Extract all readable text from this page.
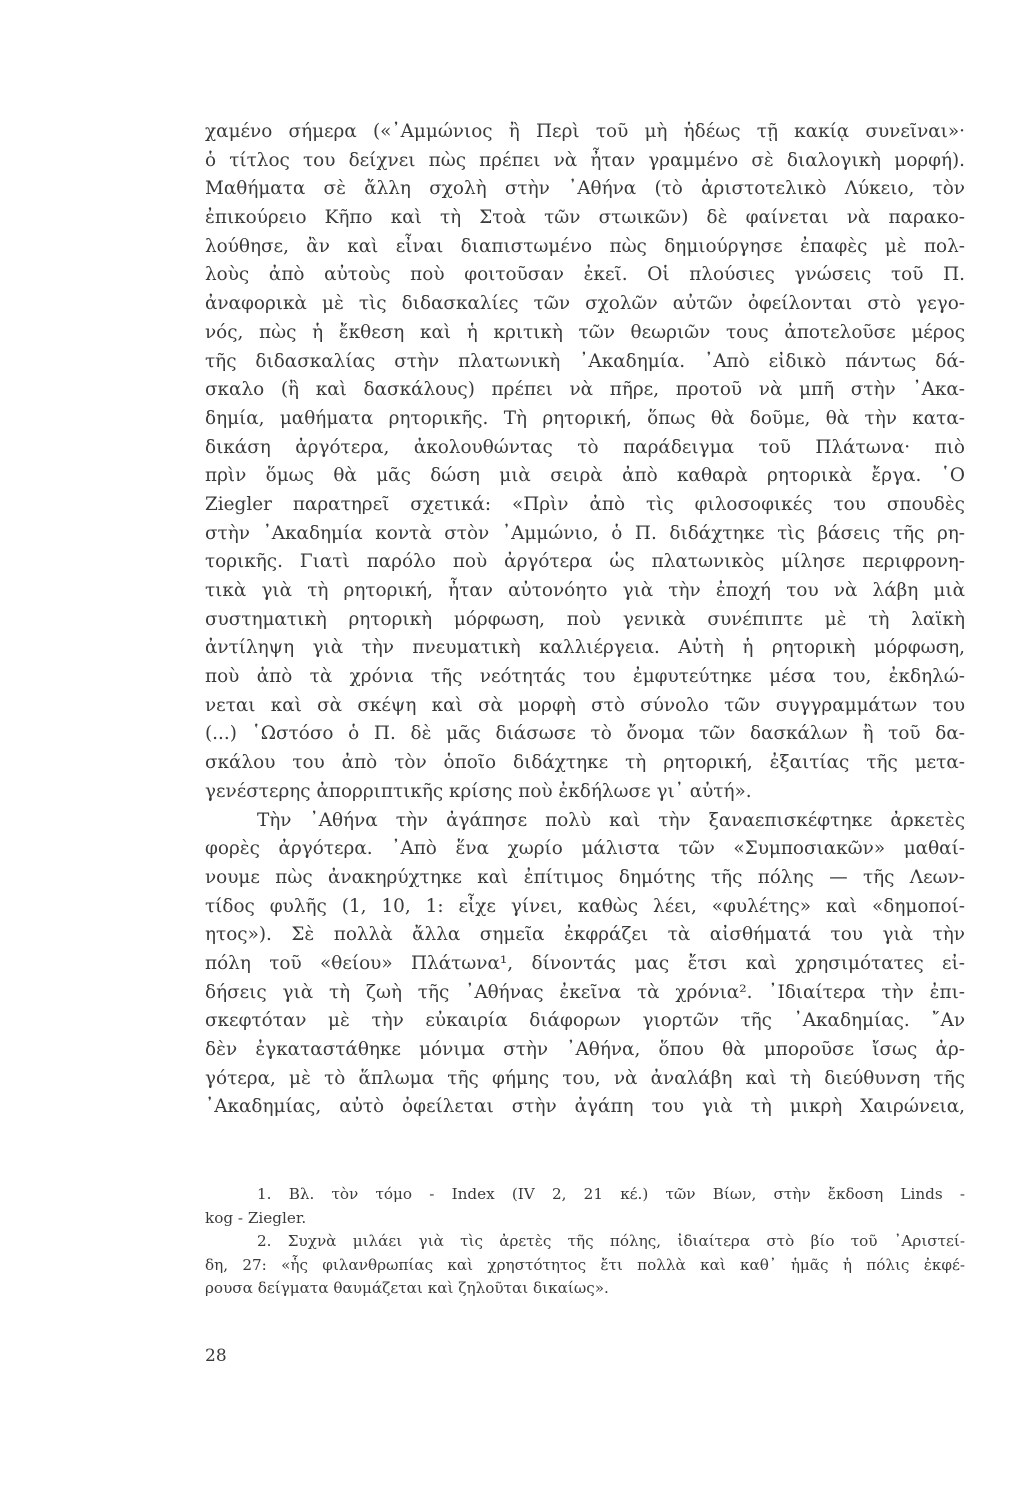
χαμένο σήμερα («᾿Αμμώνιος ἢ Περὶ τοῦ μὴ ἡδέως τῇ κακίᾳ συνεῖναι»·
ὁ τίτλος του δείχνει πὼς πρέπει νὰ ἦταν γραμμένο σὲ διαλογικὴ μορφή).
Μαθήματα σὲ ἄλλη σχολὴ στὴν ᾿Αθήνα (τὸ ἀριστοτελικὸ Λύκειο, τὸν
ἐπικούρειο Κῆπο καὶ τὴ Στοὰ τῶν στωικῶν) δὲ φαίνεται νὰ παρακο-
λούθησε, ἂν καὶ εἶναι διαπιστωμένο πὼς δημιούργησε ἐπαφὲς μὲ πολ-
λοὺς ἀπὸ αὐτοὺς ποὺ φοιτοῦσαν ἐκεῖ. Οἱ πλούσιες γνώσεις τοῦ Π.
ἀναφορικὰ μὲ τὶς διδασκαλίες τῶν σχολῶν αὐτῶν ὀφείλονται στὸ γεγο-
νός, πὼς ἡ ἔκθεση καὶ ἡ κριτικὴ τῶν θεωριῶν τους ἀποτελοῦσε μέρος
τῆς διδασκαλίας στὴν πλατωνικὴ ᾿Ακαδημία. ᾿Απὸ εἰδικὸ πάντως δά-
σκαλο (ἢ καὶ δασκάλους) πρέπει νὰ πῆρε, προτοῦ νὰ μπῆ στὴν ᾿Ακα-
δημία, μαθήματα ρητορικῆς. Τὴ ρητορική, ὅπως θὰ δοῦμε, θὰ τὴν κατα-
δικάση ἀργότερα, ἀκολουθώντας τὸ παράδειγμα τοῦ Πλάτωνα· πιὸ
πρὶν ὅμως θὰ μᾶς δώση μιὰ σειρὰ ἀπὸ καθαρὰ ρητορικὰ ἔργα. ῾Ο
Ziegler παρατηρεῖ σχετικά: «Πρὶν ἀπὸ τὶς φιλοσοφικές του σπουδὲς
στὴν ᾿Ακαδημία κοντὰ στὸν ᾿Αμμώνιο, ὁ Π. διδάχτηκε τὶς βάσεις τῆς ρη-
τορικῆς. Γιατὶ παρόλο ποὺ ἀργότερα ὡς πλατωνικὸς μίλησε περιφρονη-
τικὰ γιὰ τὴ ρητορική, ἦταν αὐτονόητο γιὰ τὴν ἐποχή του νὰ λάβη μιὰ
συστηματικὴ ρητορικὴ μόρφωση, ποὺ γενικὰ συνέπιπτε μὲ τὴ λαϊκὴ
ἀντίληψη γιὰ τὴν πνευματικὴ καλλιέργεια. Αὐτὴ ἡ ρητορικὴ μόρφωση,
ποὺ ἀπὸ τὰ χρόνια τῆς νεότητάς του ἐμφυτεύτηκε μέσα του, ἐκδηλώ-
νεται καὶ σὰ σκέψη καὶ σὰ μορφὴ στὸ σύνολο τῶν συγγραμμάτων του
(...) ῾Ωστόσο ὁ Π. δὲ μᾶς διάσωσε τὸ ὄνομα τῶν δασκάλων ἢ τοῦ δα-
σκάλου του ἀπὸ τὸν ὁποῖο διδάχτηκε τὴ ρητορική, ἐξαιτίας τῆς μετα-
γενέστερης ἀπορριπτικῆς κρίσης ποὺ ἐκδήλωσε γι᾿ αὐτή».
Τὴν ᾿Αθήνα τὴν ἀγάπησε πολὺ καὶ τὴν ξαναεπισκέφτηκε ἀρκετὲς
φορὲς ἀργότερα. ᾿Απὸ ἕνα χωρίο μάλιστα τῶν «Συμποσιακῶν» μαθαί-
νουμε πὼς ἀνακηρύχτηκε καὶ ἐπίτιμος δημότης τῆς πόλης — τῆς Λεων-
τίδος φυλῆς (1, 10, 1: εἶχε γίνει, καθὼς λέει, «φυλέτης» καὶ «δημοποί-
ητος»). Σὲ πολλὰ ἄλλα σημεῖα ἐκφράζει τὰ αἰσθήματά του γιὰ τὴν
πόλη τοῦ «θείου» Πλάτωνα¹, δίνοντάς μας ἔτσι καὶ χρησιμότατες εἰ-
δήσεις γιὰ τὴ ζωὴ τῆς ᾿Αθήνας ἐκεῖνα τὰ χρόνια². ᾿Ιδιαίτερα τὴν ἐπι-
σκεφτόταν μὲ τὴν εὐκαιρία διάφορων γιορτῶν τῆς ᾿Ακαδημίας. ῎Αν
δὲν ἐγκαταστάθηκε μόνιμα στὴν ᾿Αθήνα, ὅπου θὰ μποροῦσε ἴσως ἀρ-
γότερα, μὲ τὸ ἅπλωμα τῆς φήμης του, νὰ ἀναλάβη καὶ τὴ διεύθυνση τῆς
᾿Ακαδημίας, αὐτὸ ὀφείλεται στὴν ἀγάπη του γιὰ τὴ μικρὴ Χαιρώνεια,
1. Βλ. τὸν τόμο - Index (IV 2, 21 κέ.) τῶν Βίων, στὴν ἔκδοση Linds -
kog - Ziegler.
2. Συχνὰ μιλάει γιὰ τὶς ἀρετὲς τῆς πόλης, ἰδιαίτερα στὸ βίο τοῦ ᾿Αριστεί-
δη, 27: «ἧς φιλανθρωπίας καὶ χρηστότητος ἔτι πολλὰ καὶ καθ᾿ ἡμᾶς ἡ πόλις ἐκφέ-
ρουσα δείγματα θαυμάζεται καὶ ζηλοῦται δικαίως».
28
